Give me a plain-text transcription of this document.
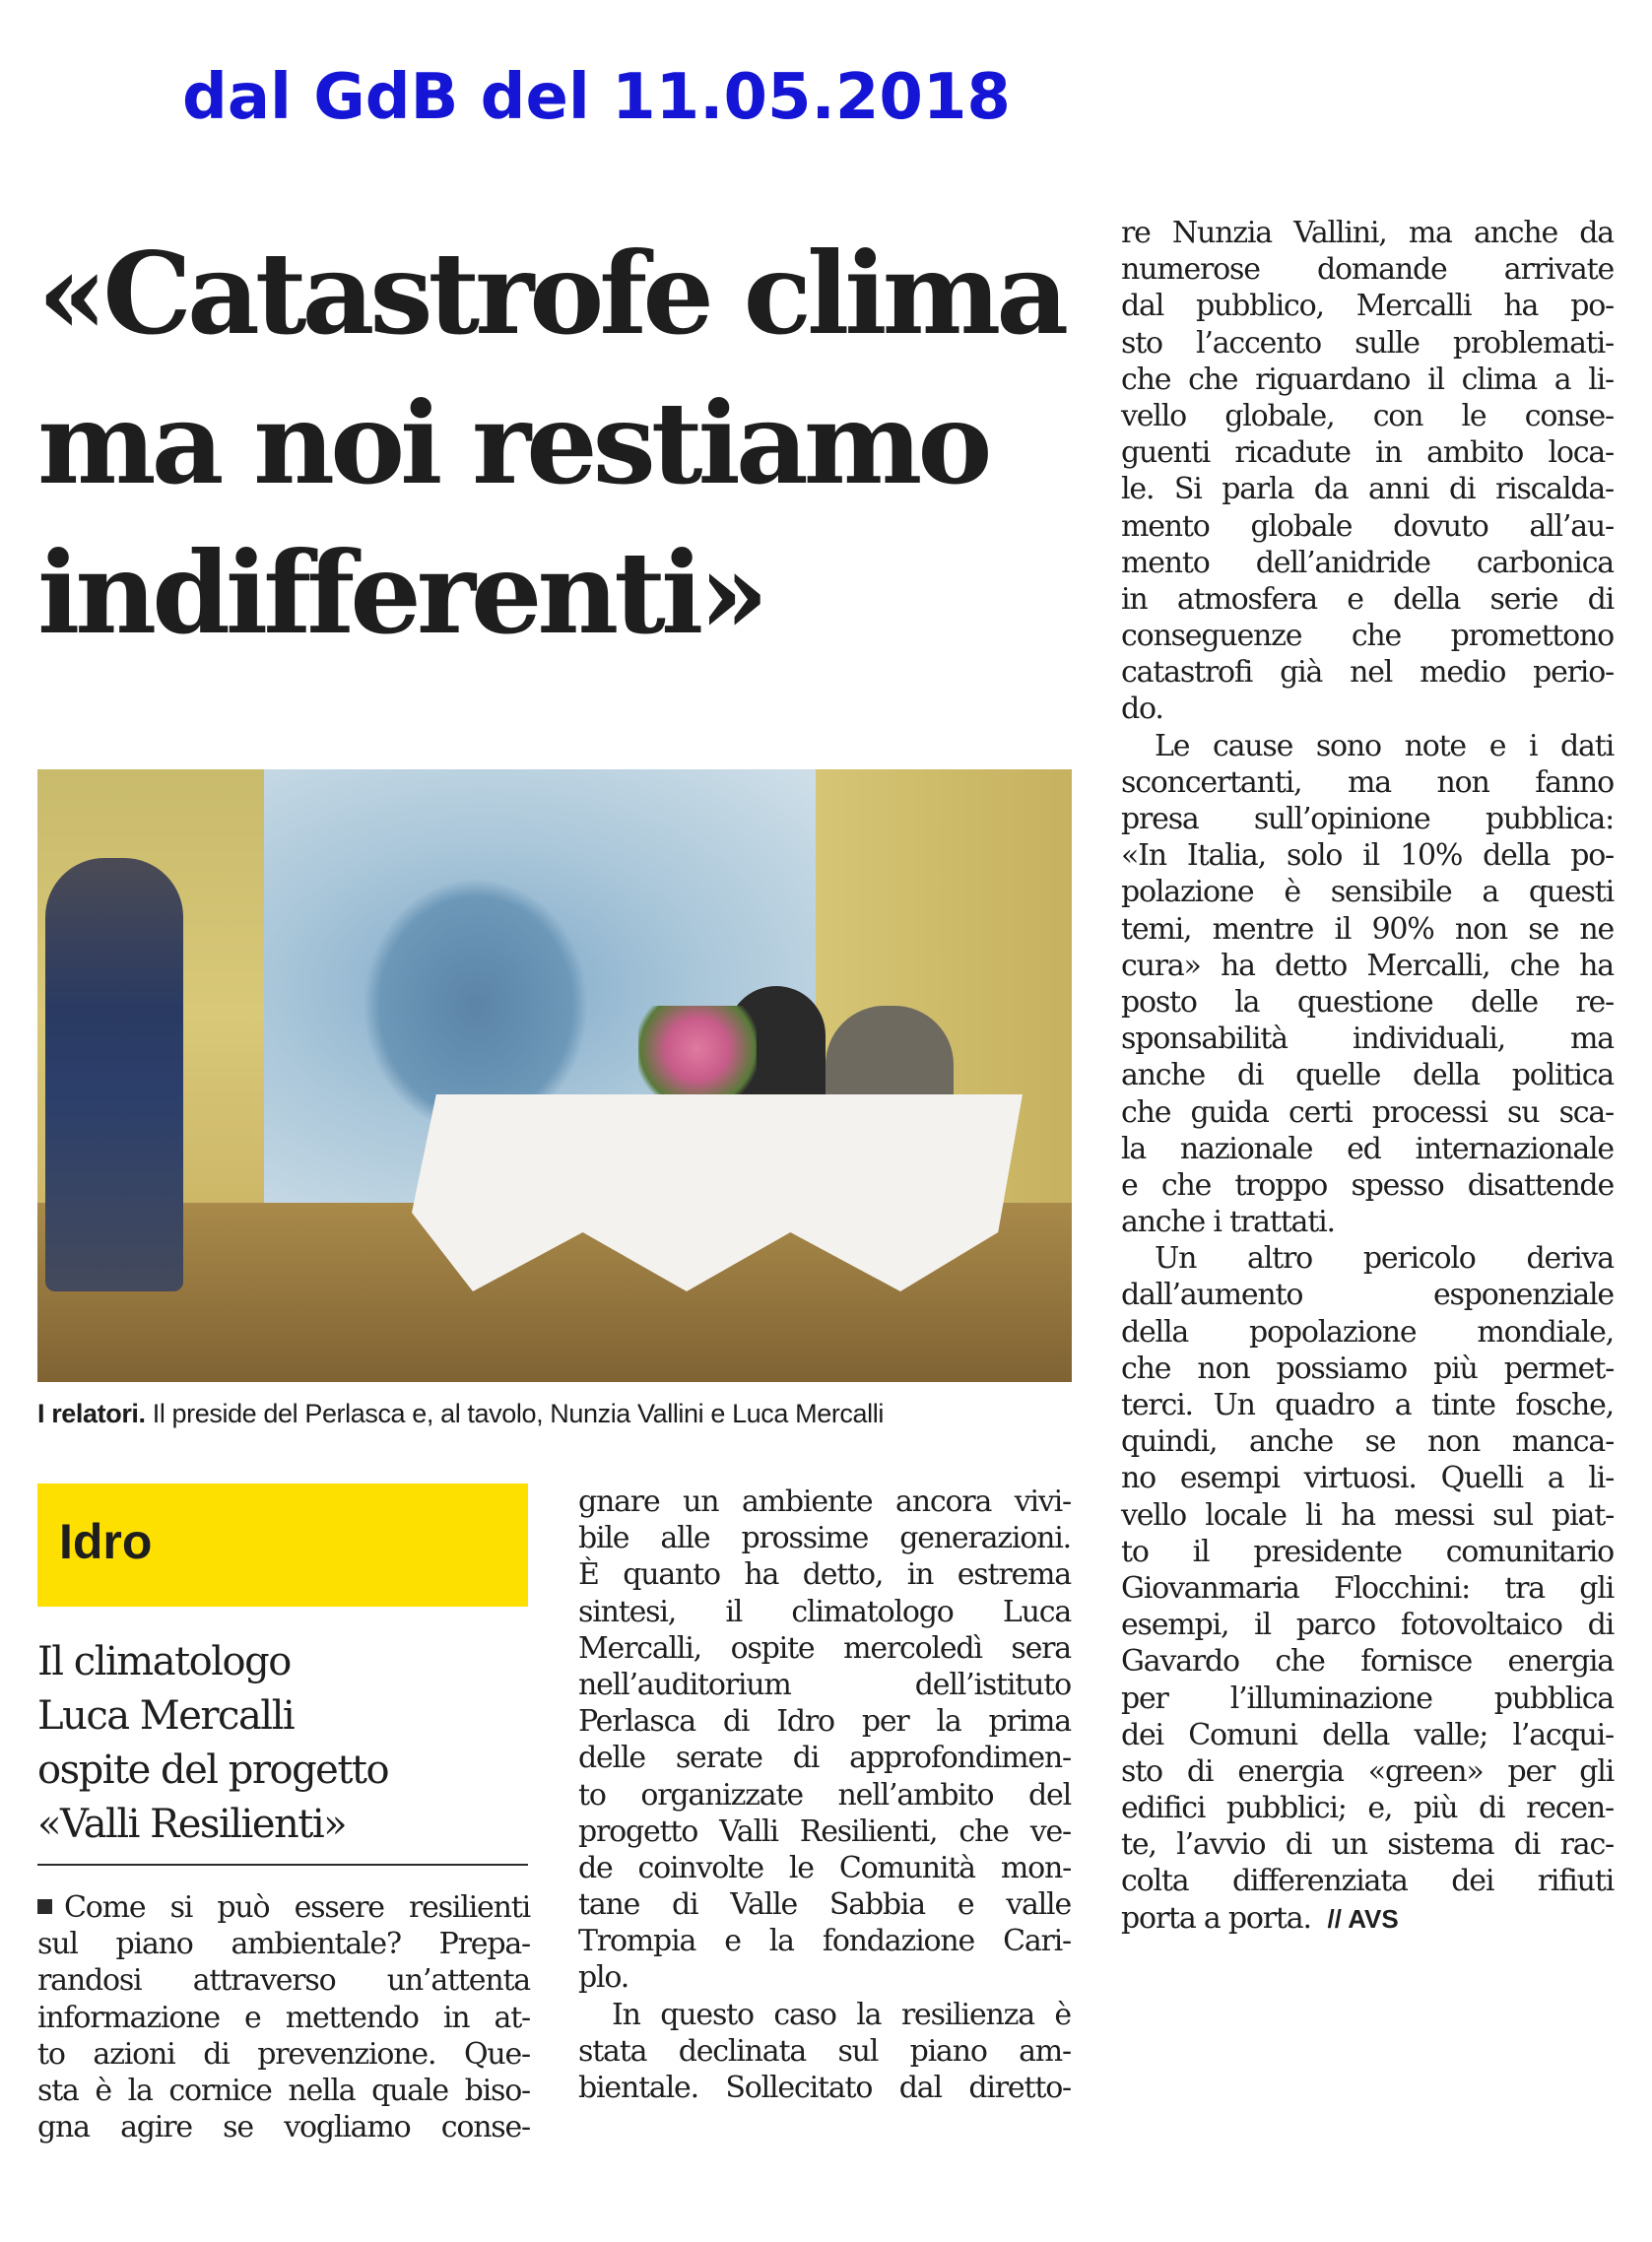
dal GdB del 11.05.2018
«Catastrofe clima
ma noi restiamo
indifferenti»
I relatori. Il preside del Perlasca e, al tavolo, Nunzia Vallini e Luca Mercalli
Idro
Il climatologo
Luca Mercalli
ospite del progetto
«Valli Resilienti»
Come si può essere resilienti
sul piano ambientale? Prepa-
randosi attraverso un’attenta
informazione e mettendo in at-
to azioni di prevenzione. Que-
sta è la cornice nella quale biso-
gna agire se vogliamo conse-
gnare un ambiente ancora vivi-
bile alle prossime generazioni.
È quanto ha detto, in estrema
sintesi, il climatologo Luca
Mercalli, ospite mercoledì sera
nell’auditorium dell’istituto
Perlasca di Idro per la prima
delle serate di approfondimen-
to organizzate nell’ambito del
progetto Valli Resilienti, che ve-
de coinvolte le Comunità mon-
tane di Valle Sabbia e valle
Trompia e la fondazione Cari-
plo.
In questo caso la resilienza è
stata declinata sul piano am-
bientale. Sollecitato dal diretto-
re Nunzia Vallini, ma anche da
numerose domande arrivate
dal pubblico, Mercalli ha po-
sto l’accento sulle problemati-
che che riguardano il clima a li-
vello globale, con le conse-
guenti ricadute in ambito loca-
le. Si parla da anni di riscalda-
mento globale dovuto all’au-
mento dell’anidride carbonica
in atmosfera e della serie di
conseguenze che promettono
catastrofi già nel medio perio-
do.
Le cause sono note e i dati
sconcertanti, ma non fanno
presa sull’opinione pubblica:
«In Italia, solo il 10% della po-
polazione è sensibile a questi
temi, mentre il 90% non se ne
cura» ha detto Mercalli, che ha
posto la questione delle re-
sponsabilità individuali, ma
anche di quelle della politica
che guida certi processi su sca-
la nazionale ed internazionale
e che troppo spesso disattende
anche i trattati.
Un altro pericolo deriva
dall’aumento esponenziale
della popolazione mondiale,
che non possiamo più permet-
terci. Un quadro a tinte fosche,
quindi, anche se non manca-
no esempi virtuosi. Quelli a li-
vello locale li ha messi sul piat-
to il presidente comunitario
Giovanmaria Flocchini: tra gli
esempi, il parco fotovoltaico di
Gavardo che fornisce energia
per l’illuminazione pubblica
dei Comuni della valle; l’acqui-
sto di energia «green» per gli
edifici pubblici; e, più di recen-
te, l’avvio di un sistema di rac-
colta differenziata dei rifiuti
porta a porta. // AVS
